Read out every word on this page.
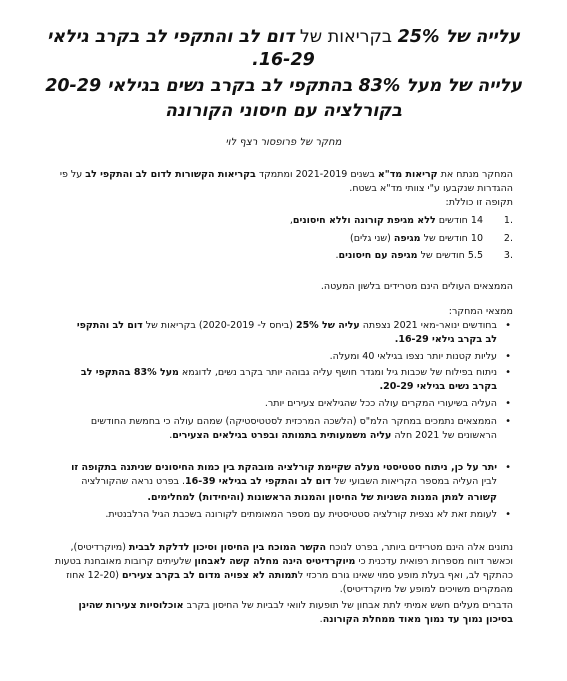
עלייה של 25% בקריאות של דום לב והתקפי לב בקרב גילאי
16-29.
עלייה של מעל 83% בהתקפי לב בקרב נשים בגילאי 20-29
בקורלציה עם חיסוני הקורונה
מחקר של פרופסור רצף לוי
המחקר מנתח את קריאות מד"א בשנים 2021-2019 ומתמקד בקריאות הקשורות לדום לב והתקפי לב על פי
ההגדרות שנקבעו ע"י צוותי מד"א בשטח.
תקופה זו כוללת:
.1
14 חודשים ללא מגיפת קורונה וללא חיסונים,
.2
10 חודשים של מגיפה (שני גלים)
.3
5.5 חודשים של מגיפה עם חיסונים.
הממצאים העולים הינם מטרידים בלשון המעטה.
ממצאי המחקר:
• בחודשים ינואר-מאי 2021 נצפתה עליה של 25% (ביחס ל- 2020-2019) בקריאות של דום לב והתקפי
לב בקרב גילאי 16-29.
• עליות קטנות יותר נצפו בגילאי 40 ומעלה.
• ניתוח בפילוח של שכבות גיל ומגדר חושף עליה גבוהה יותר בקרב נשים, לדוגמא מעל 83% בהתקפי לב
בקרב נשים בגילאי 20-29.
• העליה בשיעורי המקרים עולה ככל שהגילאים צעירים יותר.
• הממצאים נתמכים במחקר הלמ"ס (הלשכה המרכזית לסטטיסטיקה) שמהם עולה כי בחמשת החודשים
הראשונים של 2021 חלה עליה משמעותית בתמותה ובפרט בגילאים הצעירים.
• יתר על כן, ניתוח סטטיסטי מעלה שקיימת קורלציה מובהקת בין כמות החיסונים שניתנה בתקופה זו
לבין העליה במספר הקריאות השבועי של דום לב והתקפי לב בגילאי 16-39. בפרט נראה שהקורלציה
קשורה למתן המנות השניות של החיסון והמנות הראשונות (והיחידות) למחלימים.
• לעומת זאת לא נצפית קורלציה סטטיסטית עם מספר המאומתים לקורונה בשכבת הגיל הרלבנטית.
נתונים אלה הינם מטרידים ביותר, בפרט לנוכח הקשר המוכח בין החיסון וסיכון לדלקת לבבית (מיוקרדיטיס),
וכאשר דווח מספרות רפואית עדכנית כי מיוקרדיטיס הינה מחלה קשה לאבחון שלעיתים קרובות מאובחנת בטעות
כהתקף לב, ואף בעלת מופע סמוי שאינו גורם מרכזי לתמותה לא צפויה מדום לב בקרב צעירים (12-20 אחוז
מהמקרים משויכים למופע של מיוקרדיטיס).
הדברים מעלים חשש אמיתי לתת אבחון של תופעות לוואי לבביות של החיסון בקרב אוכלוסיות צעירות שהינן
בסיכון נמוך עד נמוך מאוד ממחלת הקורונה.
